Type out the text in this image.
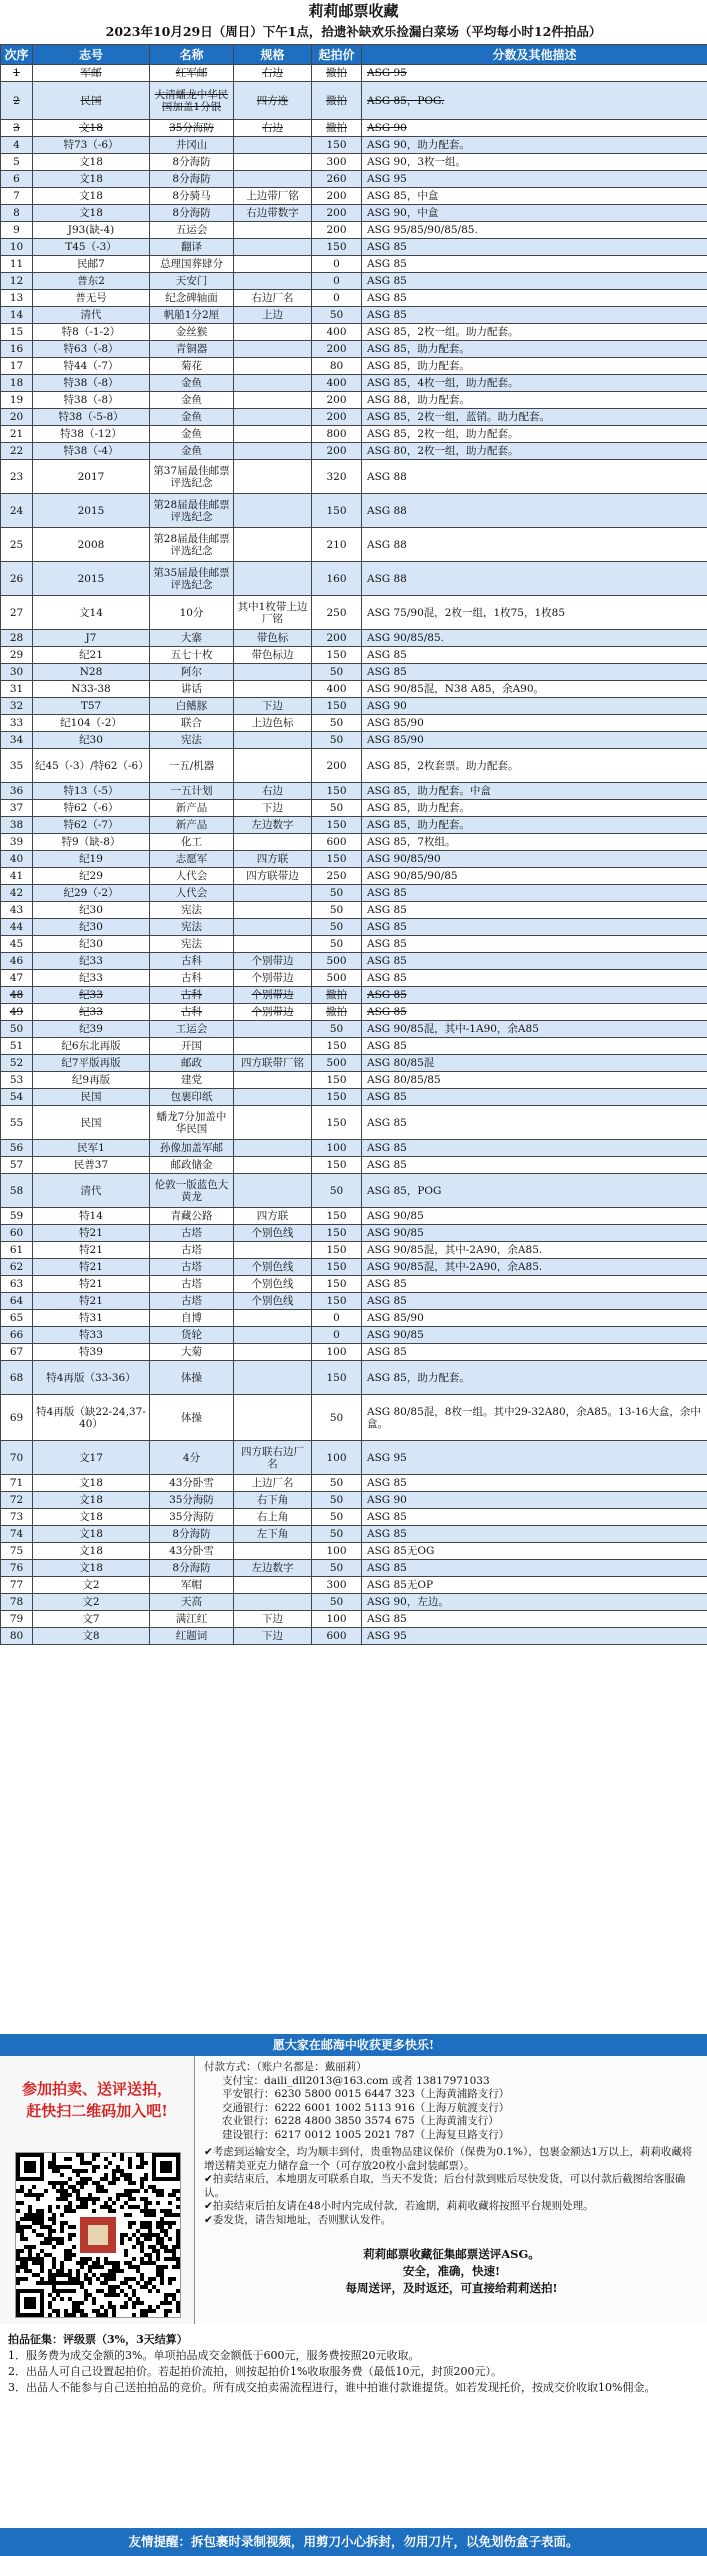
莉莉邮票收藏
2023年10月29日（周日）下午1点，拾遗补缺欢乐捡漏白菜场（平均每小时12件拍品）
次序	志号	名称	规格	起拍价	分数及其他描述
1	军邮	红军邮	右边	撤拍	ASG 95
2	民国	大清蟠龙中华民国加盖1分银	四方连	撤拍	ASG 85，POG.
3	文18	35分海防	右边	撤拍	ASG 90
4	特73（-6）	井冈山		150	ASG 90，助力配套。
5	文18	8分海防		300	ASG 90，3枚一组。
6	文18	8分海防		260	ASG 95
7	文18	8分骑马	上边带厂铭	200	ASG 85，中盒
8	文18	8分海防	右边带数字	200	ASG 90，中盒
9	J93(缺-4)	五运会		200	ASG 95/85/90/85/85.
10	T45（-3）	翻译		150	ASG 85
11	民邮7	总理国葬肆分		0	ASG 85
12	普东2	天安门		0	ASG 85
13	普无号	纪念碑轴面	右边厂名	0	ASG 85
14	清代	帆船1分2厘	上边	50	ASG 85
15	特8（-1-2）	金丝猴		400	ASG 85，2枚一组。助力配套。
16	特63（-8）	青铜器		200	ASG 85，助力配套。
17	特44（-7）	菊花		80	ASG 85，助力配套。
18	特38（-8）	金鱼		400	ASG 85，4枚一组，助力配套。
19	特38（-8）	金鱼		200	ASG 88，助力配套。
20	特38（-5-8）	金鱼		200	ASG 85，2枚一组，蓝销。助力配套。
21	特38（-12）	金鱼		800	ASG 85，2枚一组，助力配套。
22	特38（-4）	金鱼		200	ASG 80，2枚一组，助力配套。
23	2017	第37届最佳邮票评选纪念		320	ASG 88
24	2015	第28届最佳邮票评选纪念		150	ASG 88
25	2008	第28届最佳邮票评选纪念		210	ASG 88
26	2015	第35届最佳邮票评选纪念		160	ASG 88
27	文14	10分	其中1枚带上边厂铭	250	ASG 75/90混，2枚一组，1枚75，1枚85
28	J7	大寨	带色标	200	ASG 90/85/85.
29	纪21	五七十枚	带色标边	150	ASG 85
30	N28	阿尔		50	ASG 85
31	N33-38	讲话		400	ASG 90/85混，N38 A85，余A90。
32	T57	白鳍豚	下边	150	ASG 90
33	纪104（-2）	联合	上边色标	50	ASG 85/90
34	纪30	宪法		50	ASG 85/90
35	纪45（-3）/特62（-6）	一五/机器		200	ASG 85，2枚套票。助力配套。
36	特13（-5）	一五计划	右边	150	ASG 85，助力配套。中盒
37	特62（-6）	新产品	下边	50	ASG 85，助力配套。
38	特62（-7）	新产品	左边数字	150	ASG 85，助力配套。
39	特9（缺-8）	化工		600	ASG 85，7枚组。
40	纪19	志愿军	四方联	150	ASG 90/85/90
41	纪29	人代会	四方联带边	250	ASG 90/85/90/85
42	纪29（-2）	人代会		50	ASG 85
43	纪30	宪法		50	ASG 85
44	纪30	宪法		50	ASG 85
45	纪30	宪法		50	ASG 85
46	纪33	古科	个别带边	500	ASG 85
47	纪33	古科	个别带边	500	ASG 85
48	纪33	古科	个别带边	撤拍	ASG 85
49	纪33	古科	个别带边	撤拍	ASG 85
50	纪39	工运会		50	ASG 90/85混，其中-1A90，余A85
51	纪6东北再版	开国		150	ASG 85
52	纪7平版再版	邮政	四方联带厂铭	500	ASG 80/85混
53	纪9再版	建党		150	ASG 80/85/85
54	民国	包裹印纸		150	ASG 85
55	民国	蟠龙7分加盖中华民国		150	ASG 85
56	民军1	孙像加盖军邮		100	ASG 85
57	民普37	邮政储金		150	ASG 85
58	清代	伦敦一版蓝色大黄龙		50	ASG 85，POG
59	特14	青藏公路	四方联	150	ASG 90/85
60	特21	古塔	个别色线	150	ASG 90/85
61	特21	古塔		150	ASG 90/85混，其中-2A90，余A85.
62	特21	古塔	个别色线	150	ASG 90/85混，其中-2A90，余A85.
63	特21	古塔	个别色线	150	ASG 85
64	特21	古塔	个别色线	150	ASG 85
65	特31	自博		0	ASG 85/90
66	特33	货轮		0	ASG 90/85
67	特39	大菊		100	ASG 85
68	特4再版（33-36）	体操		150	ASG 85，助力配套。
69	特4再版（缺22-24,37-40）	体操		50	ASG 80/85混，8枚一组。其中29-32A80，余A85。13-16大盒，余中盒。
70	文17	4分	四方联右边厂名	100	ASG 95
71	文18	43分卧雪	上边厂名	50	ASG 85
72	文18	35分海防	右下角	50	ASG 90
73	文18	35分海防	右上角	50	ASG 85
74	文18	8分海防	左下角	50	ASG 85
75	文18	43分卧雪		100	ASG 85无OG
76	文18	8分海防	左边数字	50	ASG 85
77	文2	军帽		300	ASG 85无OP
78	文2	天高		50	ASG 90，左边。
79	文7	满江红	下边	100	ASG 85
80	文8	红题词	下边	600	ASG 95
愿大家在邮海中收获更多快乐!
参加拍卖、送评送拍，
赶快扫二维码加入吧!
付款方式：（账户名都是：戴丽莉）
支付宝：daili_dll2013@163.com 或者 13817971033
平安银行：6230 5800 0015 6447 323（上海黄浦路支行）
交通银行：6222 6001 1002 5113 916（上海万航渡支行）
农业银行：6228 4800 3850 3574 675（上海黄浦支行）
建设银行：6217 0012 1005 2021 787（上海复旦路支行）
✔考虑到运输安全，均为顺丰到付，贵重物品建议保价（保费为0.1%），包裹金额达1万以上，莉莉收藏将增送精美亚克力储存盒一个（可存放20枚小盒封装邮票）。
✔拍卖结束后，本地朋友可联系自取，当天不发货；后台付款到账后尽快发货，可以付款后截图给客服确认。
✔拍卖结束后拍友请在48小时内完成付款，若逾期，莉莉收藏将按照平台规则处理。
✔委发货，请告知地址，否则默认发件。
莉莉邮票收藏征集邮票送评ASG。
安全，准确，快速!
每周送评，及时返还，可直接给莉莉送拍!
拍品征集：评级票（3%，3天结算）
1．服务费为成交金额的3%。单项拍品成交金额低于600元，服务费按照20元收取。
2．出品人可自己设置起拍价。若起拍价流拍，则按起拍价1%收取服务费（最低10元，封顶200元）。
3．出品人不能参与自己送拍拍品的竞价。所有成交拍卖需流程进行，谁中拍谁付款谁提货。如若发现托价，按成交价收取10%佣金。
友情提醒：拆包裹时录制视频，用剪刀小心拆封，勿用刀片，以免划伤盒子表面。
